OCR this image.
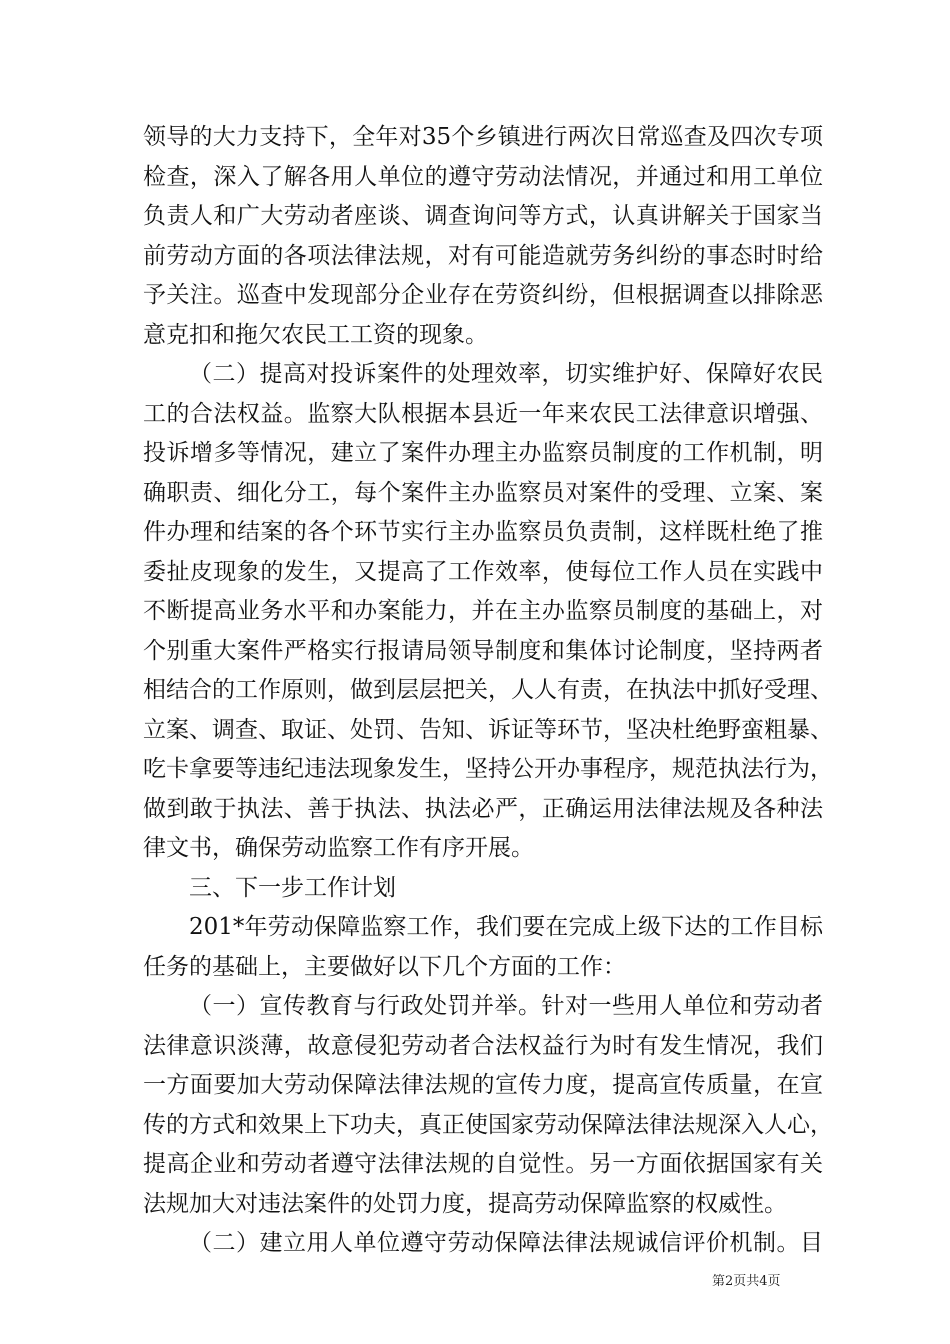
领导的大力支持下，全年对35个乡镇进行两次日常巡查及四次专项
检查，深入了解各用人单位的遵守劳动法情况，并通过和用工单位
负责人和广大劳动者座谈、调查询问等方式，认真讲解关于国家当
前劳动方面的各项法律法规，对有可能造就劳务纠纷的事态时时给
予关注。巡查中发现部分企业存在劳资纠纷，但根据调查以排除恶
意克扣和拖欠农民工工资的现象。
（二）提高对投诉案件的处理效率，切实维护好、保障好农民
工的合法权益。监察大队根据本县近一年来农民工法律意识增强、
投诉增多等情况，建立了案件办理主办监察员制度的工作机制，明
确职责、细化分工，每个案件主办监察员对案件的受理、立案、案
件办理和结案的各个环节实行主办监察员负责制，这样既杜绝了推
委扯皮现象的发生，又提高了工作效率，使每位工作人员在实践中
不断提高业务水平和办案能力，并在主办监察员制度的基础上，对
个别重大案件严格实行报请局领导制度和集体讨论制度，坚持两者
相结合的工作原则，做到层层把关，人人有责，在执法中抓好受理、
立案、调查、取证、处罚、告知、诉证等环节，坚决杜绝野蛮粗暴、
吃卡拿要等违纪违法现象发生，坚持公开办事程序，规范执法行为，
做到敢于执法、善于执法、执法必严，正确运用法律法规及各种法
律文书，确保劳动监察工作有序开展。
三、下一步工作计划
201*年劳动保障监察工作，我们要在完成上级下达的工作目标
任务的基础上，主要做好以下几个方面的工作：
（一）宣传教育与行政处罚并举。针对一些用人单位和劳动者
法律意识淡薄，故意侵犯劳动者合法权益行为时有发生情况，我们
一方面要加大劳动保障法律法规的宣传力度，提高宣传质量，在宣
传的方式和效果上下功夫，真正使国家劳动保障法律法规深入人心，
提高企业和劳动者遵守法律法规的自觉性。另一方面依据国家有关
法规加大对违法案件的处罚力度，提高劳动保障监察的权威性。
（二）建立用人单位遵守劳动保障法律法规诚信评价机制。目
第2页共4页
